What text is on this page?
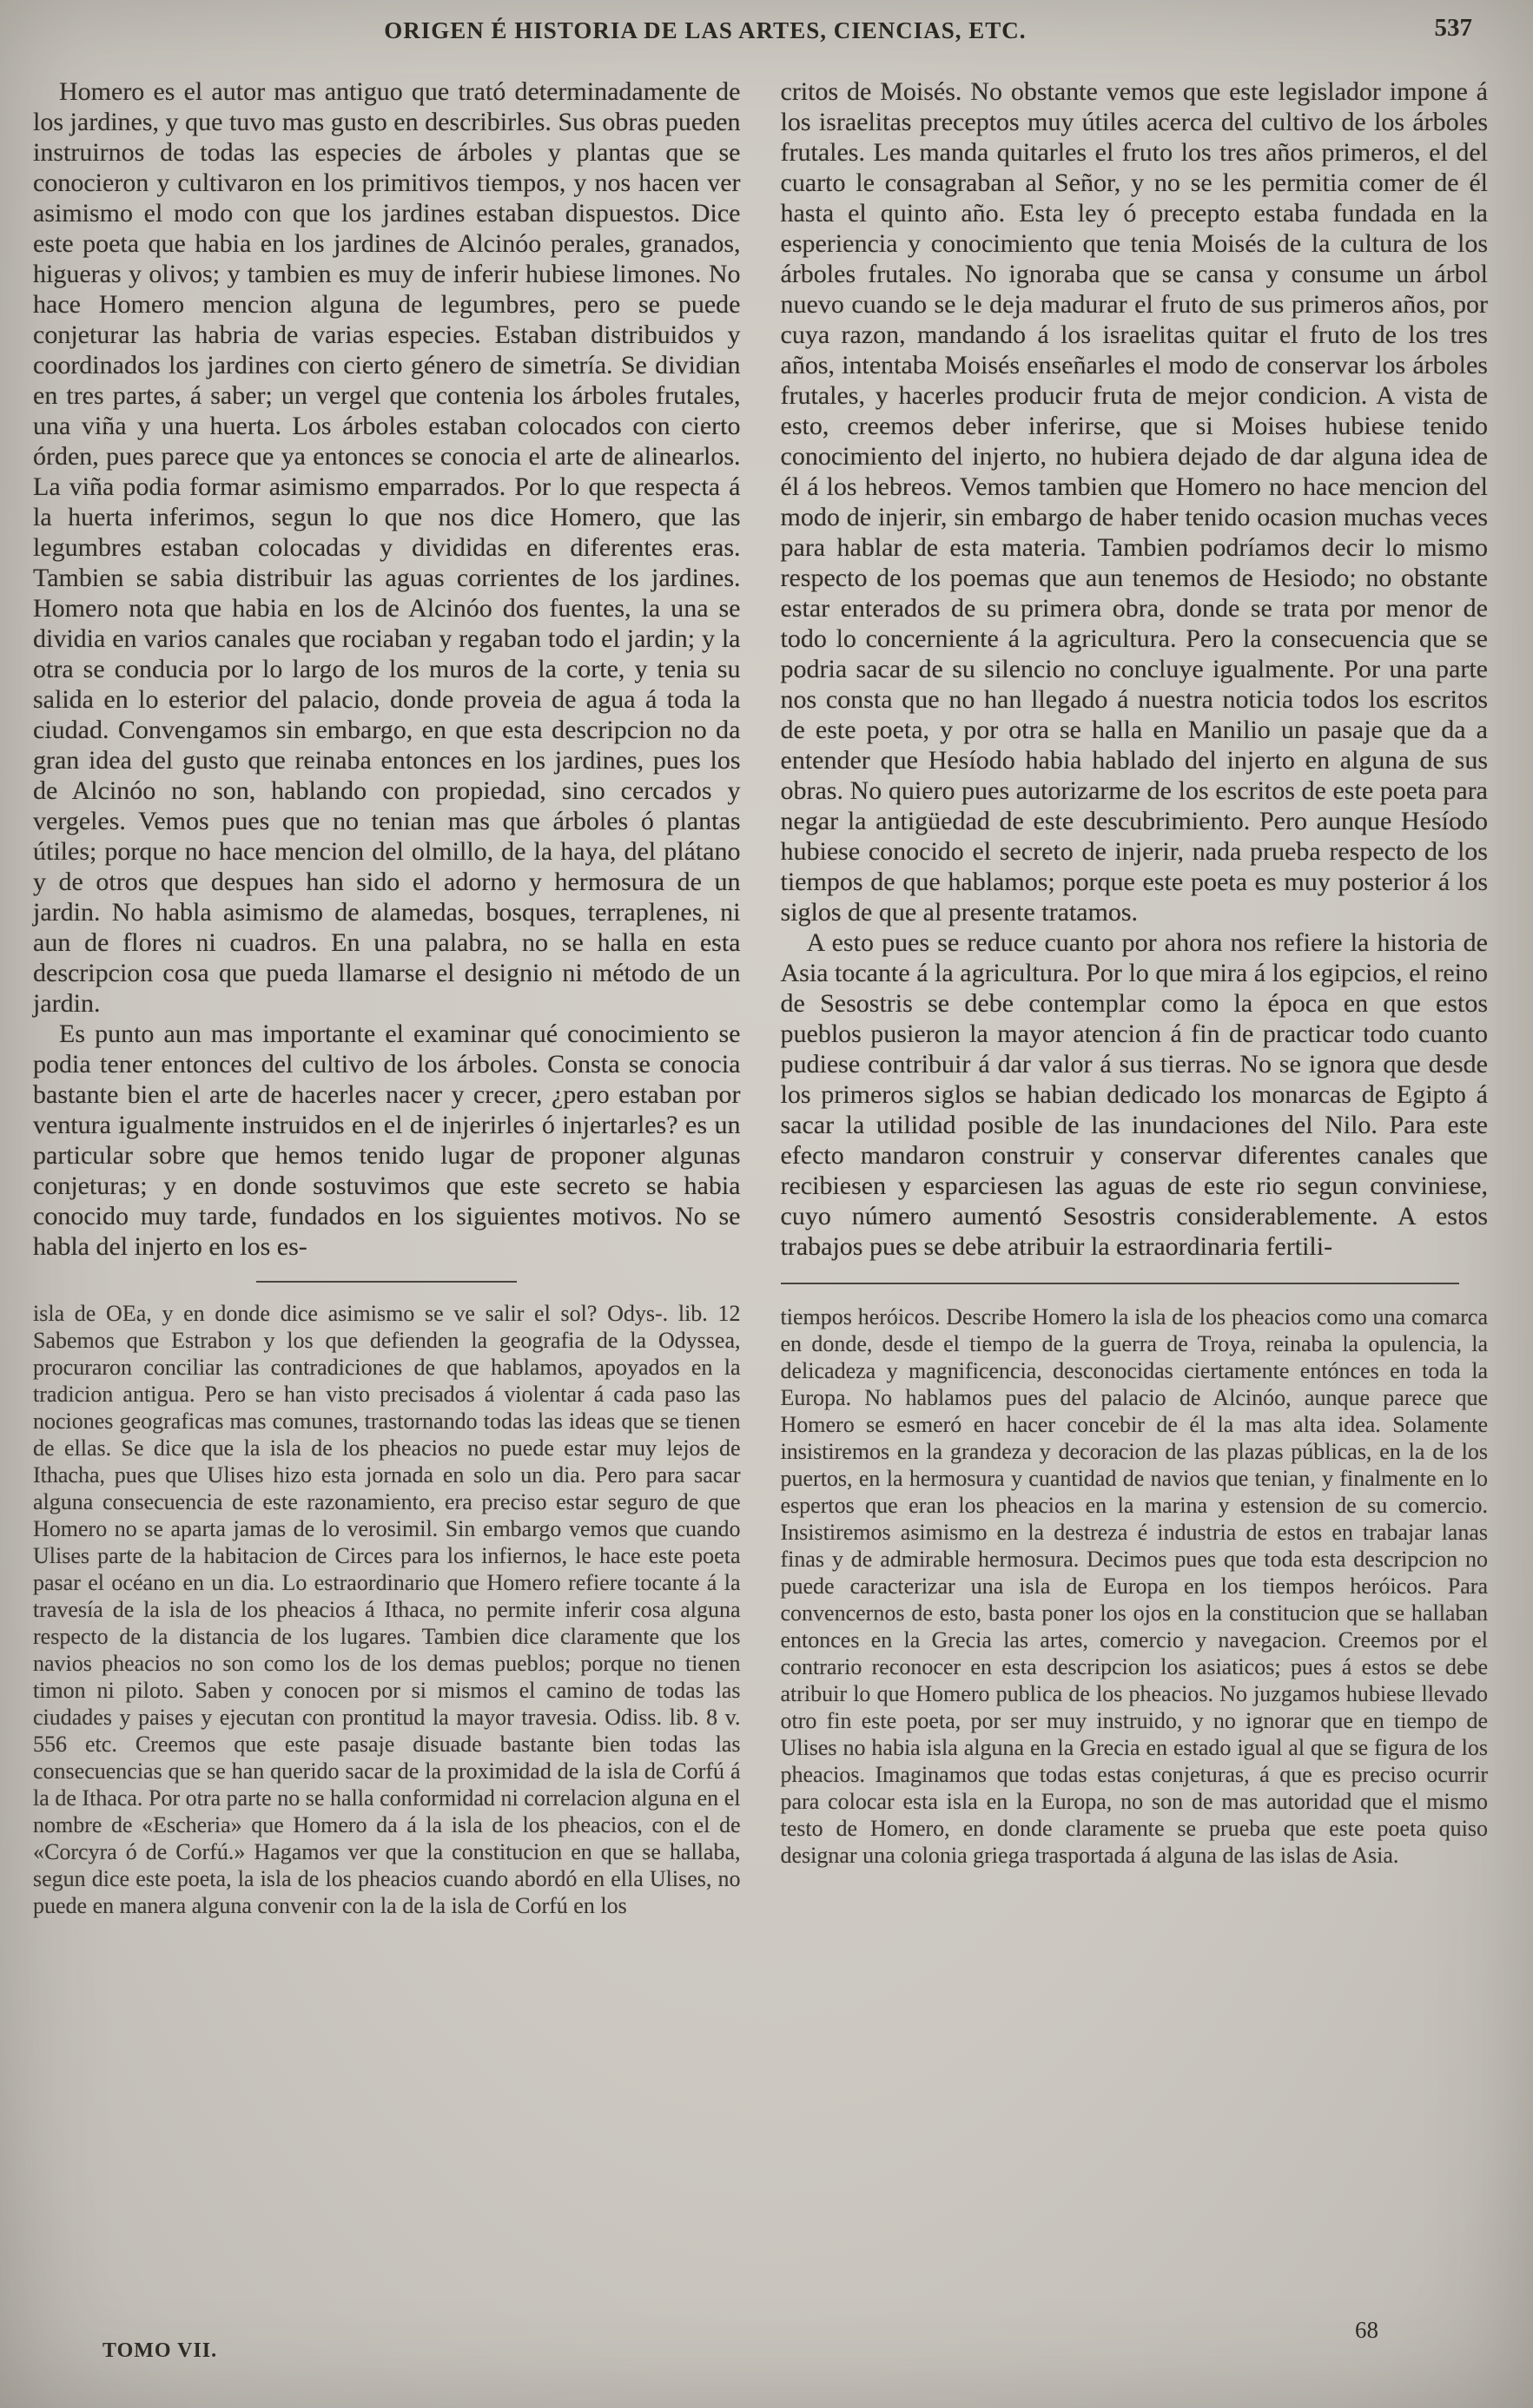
ORIGEN É HISTORIA DE LAS ARTES, CIENCIAS, ETC.	537

Homero es el autor mas antiguo que trató determinadamente de los jardines, y que tuvo mas gusto en describirles. Sus obras pueden instruirnos de todas las especies de árboles y plantas que se conocieron y cultivaron en los primitivos tiempos, y nos hacen ver asimismo el modo con que los jardines estaban dispuestos. Dice este poeta que habia en los jardines de Alcinóo perales, granados, higueras y olivos; y tambien es muy de inferir hubiese limones. No hace Homero mencion alguna de legumbres, pero se puede conjeturar las habria de varias especies. Estaban distribuidos y coordinados los jardines con cierto género de simetría. Se dividian en tres partes, á saber; un vergel que contenia los árboles frutales, una viña y una huerta. Los árboles estaban colocados con cierto órden, pues parece que ya entonces se conocia el arte de alinearlos. La viña podia formar asimismo emparrados. Por lo que respecta á la huerta inferimos, segun lo que nos dice Homero, que las legumbres estaban colocadas y divididas en diferentes eras. Tambien se sabia distribuir las aguas corrientes de los jardines. Homero nota que habia en los de Alcinóo dos fuentes, la una se dividia en varios canales que rociaban y regaban todo el jardin; y la otra se conducia por lo largo de los muros de la corte, y tenia su salida en lo esterior del palacio, donde proveia de agua á toda la ciudad. Convengamos sin embargo, en que esta descripcion no da gran idea del gusto que reinaba entonces en los jardines, pues los de Alcinóo no son, hablando con propiedad, sino cercados y vergeles. Vemos pues que no tenian mas que árboles ó plantas útiles; porque no hace mencion del olmillo, de la haya, del plátano y de otros que despues han sido el adorno y hermosura de un jardin. No habla asimismo de alamedas, bosques, terraplenes, ni aun de flores ni cuadros. En una palabra, no se halla en esta descripcion cosa que pueda llamarse el designio ni método de un jardin.

Es punto aun mas importante el examinar qué conocimiento se podia tener entonces del cultivo de los árboles. Consta se conocia bastante bien el arte de hacerles nacer y crecer, ¿pero estaban por ventura igualmente instruidos en el de injerirles ó injertarles? es un particular sobre que hemos tenido lugar de proponer algunas conjeturas; y en donde sostuvimos que este secreto se habia conocido muy tarde, fundados en los siguientes motivos. No se habla del injerto en los es-

isla de OEa, y en donde dice asimismo se ve salir el sol? Odys-. lib. 12 Sabemos que Estrabon y los que defienden la geografia de la Odyssea, procuraron conciliar las contradiciones de que hablamos, apoyados en la tradicion antigua. Pero se han visto precisados á violentar á cada paso las nociones geograficas mas comunes, trastornando todas las ideas que se tienen de ellas. Se dice que la isla de los pheacios no puede estar muy lejos de Ithacha, pues que Ulises hizo esta jornada en solo un dia. Pero para sacar alguna consecuencia de este razonamiento, era preciso estar seguro de que Homero no se aparta jamas de lo verosimil. Sin embargo vemos que cuando Ulises parte de la habitacion de Circes para los infiernos, le hace este poeta pasar el océano en un dia. Lo estraordinario que Homero refiere tocante á la travesía de la isla de los pheacios á Ithaca, no permite inferir cosa alguna respecto de la distancia de los lugares. Tambien dice claramente que los navios pheacios no son como los de los demas pueblos; porque no tienen timon ni piloto. Saben y conocen por si mismos el camino de todas las ciudades y paises y ejecutan con prontitud la mayor travesia. Odiss. lib. 8 v. 556 etc. Creemos que este pasaje disuade bastante bien todas las consecuencias que se han querido sacar de la proximidad de la isla de Corfú á la de Ithaca. Por otra parte no se halla conformidad ni correlacion alguna en el nombre de «Escheria» que Homero da á la isla de los pheacios, con el de «Corcyra ó de Corfú.» Hagamos ver que la constitucion en que se hallaba, segun dice este poeta, la isla de los pheacios cuando abordó en ella Ulises, no puede en manera alguna convenir con la de la isla de Corfú en los

critos de Moisés. No obstante vemos que este legislador impone á los israelitas preceptos muy útiles acerca del cultivo de los árboles frutales. Les manda quitarles el fruto los tres años primeros, el del cuarto le consagraban al Señor, y no se les permitia comer de él hasta el quinto año. Esta ley ó precepto estaba fundada en la esperiencia y conocimiento que tenia Moisés de la cultura de los árboles frutales. No ignoraba que se cansa y consume un árbol nuevo cuando se le deja madurar el fruto de sus primeros años, por cuya razon, mandando á los israelitas quitar el fruto de los tres años, intentaba Moisés enseñarles el modo de conservar los árboles frutales, y hacerles producir fruta de mejor condicion. A vista de esto, creemos deber inferirse, que si Moises hubiese tenido conocimiento del injerto, no hubiera dejado de dar alguna idea de él á los hebreos. Vemos tambien que Homero no hace mencion del modo de injerir, sin embargo de haber tenido ocasion muchas veces para hablar de esta materia. Tambien podríamos decir lo mismo respecto de los poemas que aun tenemos de Hesiodo; no obstante estar enterados de su primera obra, donde se trata por menor de todo lo concerniente á la agricultura. Pero la consecuencia que se podria sacar de su silencio no concluye igualmente. Por una parte nos consta que no han llegado á nuestra noticia todos los escritos de este poeta, y por otra se halla en Manilio un pasaje que da a entender que Hesíodo habia hablado del injerto en alguna de sus obras. No quiero pues autorizarme de los escritos de este poeta para negar la antigüedad de este descubrimiento. Pero aunque Hesíodo hubiese conocido el secreto de injerir, nada prueba respecto de los tiempos de que hablamos; porque este poeta es muy posterior á los siglos de que al presente tratamos.

A esto pues se reduce cuanto por ahora nos refiere la historia de Asia tocante á la agricultura. Por lo que mira á los egipcios, el reino de Sesostris se debe contemplar como la época en que estos pueblos pusieron la mayor atencion á fin de practicar todo cuanto pudiese contribuir á dar valor á sus tierras. No se ignora que desde los primeros siglos se habian dedicado los monarcas de Egipto á sacar la utilidad posible de las inundaciones del Nilo. Para este efecto mandaron construir y conservar diferentes canales que recibiesen y esparciesen las aguas de este rio segun conviniese, cuyo número aumentó Sesostris considerablemente. A estos trabajos pues se debe atribuir la estraordinaria fertili-

tiempos heróicos. Describe Homero la isla de los pheacios como una comarca en donde, desde el tiempo de la guerra de Troya, reinaba la opulencia, la delicadeza y magnificencia, desconocidas ciertamente entónces en toda la Europa. No hablamos pues del palacio de Alcinóo, aunque parece que Homero se esmeró en hacer concebir de él la mas alta idea. Solamente insistiremos en la grandeza y decoracion de las plazas públicas, en la de los puertos, en la hermosura y cuantidad de navios que tenian, y finalmente en lo espertos que eran los pheacios en la marina y estension de su comercio. Insistiremos asimismo en la destreza é industria de estos en trabajar lanas finas y de admirable hermosura. Decimos pues que toda esta descripcion no puede caracterizar una isla de Europa en los tiempos heróicos. Para convencernos de esto, basta poner los ojos en la constitucion que se hallaban entonces en la Grecia las artes, comercio y navegacion. Creemos por el contrario reconocer en esta descripcion los asiaticos; pues á estos se debe atribuir lo que Homero publica de los pheacios. No juzgamos hubiese llevado otro fin este poeta, por ser muy instruido, y no ignorar que en tiempo de Ulises no habia isla alguna en la Grecia en estado igual al que se figura de los pheacios. Imaginamos que todas estas conjeturas, á que es preciso ocurrir para colocar esta isla en la Europa, no son de mas autoridad que el mismo testo de Homero, en donde claramente se prueba que este poeta quiso designar una colonia griega trasportada á alguna de las islas de Asia.

TOMO VII.
68
